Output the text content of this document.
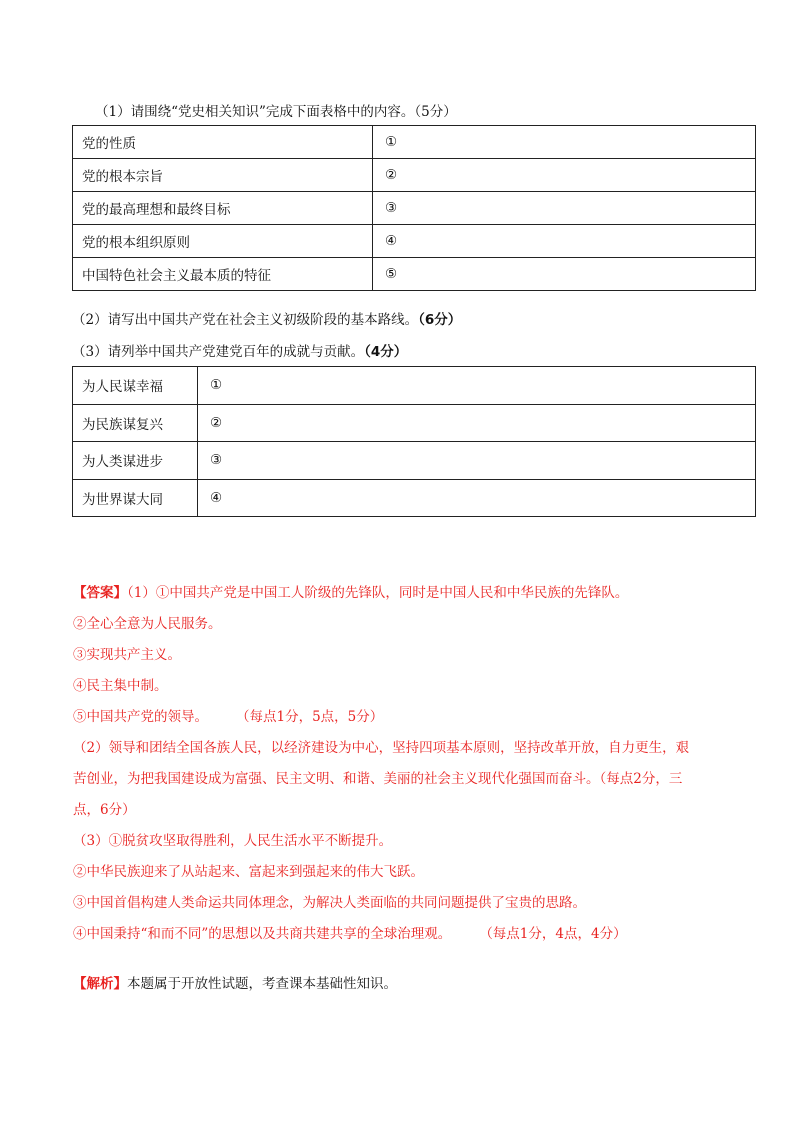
（1）请围绕“党史相关知识”完成下面表格中的内容。（5分）
党的性质	①
党的根本宗旨	②
党的最高理想和最终目标	③
党的根本组织原则	④
中国特色社会主义最本质的特征	⑤
（2）请写出中国共产党在社会主义初级阶段的基本路线。（6分）
（3）请列举中国共产党建党百年的成就与贡献。（4分）
为人民谋幸福	①
为民族谋复兴	②
为人类谋进步	③
为世界谋大同	④

【答案】（1）①中国共产党是中国工人阶级的先锋队，同时是中国人民和中华民族的先锋队。

②全心全意为人民服务。

③实现共产主义。

④民主集中制。

⑤中国共产党的领导。 （每点1分，5点，5分）

（2）领导和团结全国各族人民，以经济建设为中心，坚持四项基本原则，坚持改革开放，自力更生，艰

苦创业，为把我国建设成为富强、民主文明、和谐、美丽的社会主义现代化强国而奋斗。（每点2分，三

点，6分）

（3）①脱贫攻坚取得胜利，人民生活水平不断提升。

②中华民族迎来了从站起来、富起来到强起来的伟大飞跃。

③中国首倡构建人类命运共同体理念，为解决人类面临的共同问题提供了宝贵的思路。

④中国秉持“和而不同”的思想以及共商共建共享的全球治理观。 （每点1分，4点，4分）

【解析】本题属于开放性试题，考查课本基础性知识。
